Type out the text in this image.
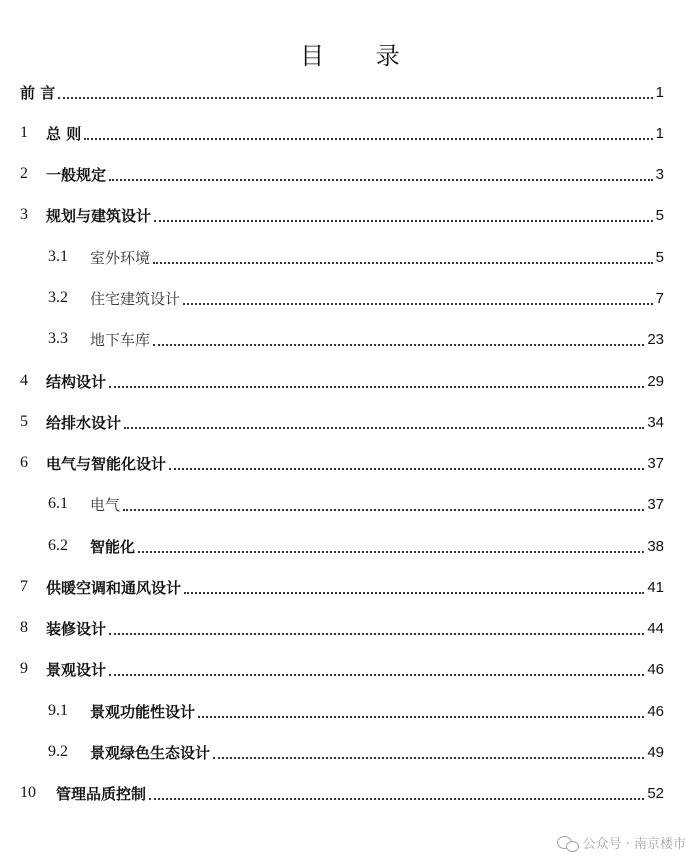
目 录
前 言	1
1	总 则	1
2	一般规定	3
3	规划与建筑设计	5
3.1	室外环境	5
3.2	住宅建筑设计	7
3.3	地下车库	23
4	结构设计	29
5	给排水设计	34
6	电气与智能化设计	37
6.1	电气	37
6.2	智能化	38
7	供暖空调和通风设计	41
8	装修设计	44
9	景观设计	46
9.1	景观功能性设计	46
9.2	景观绿色生态设计	49
10	管理品质控制	52
公众号 · 南京楼市
